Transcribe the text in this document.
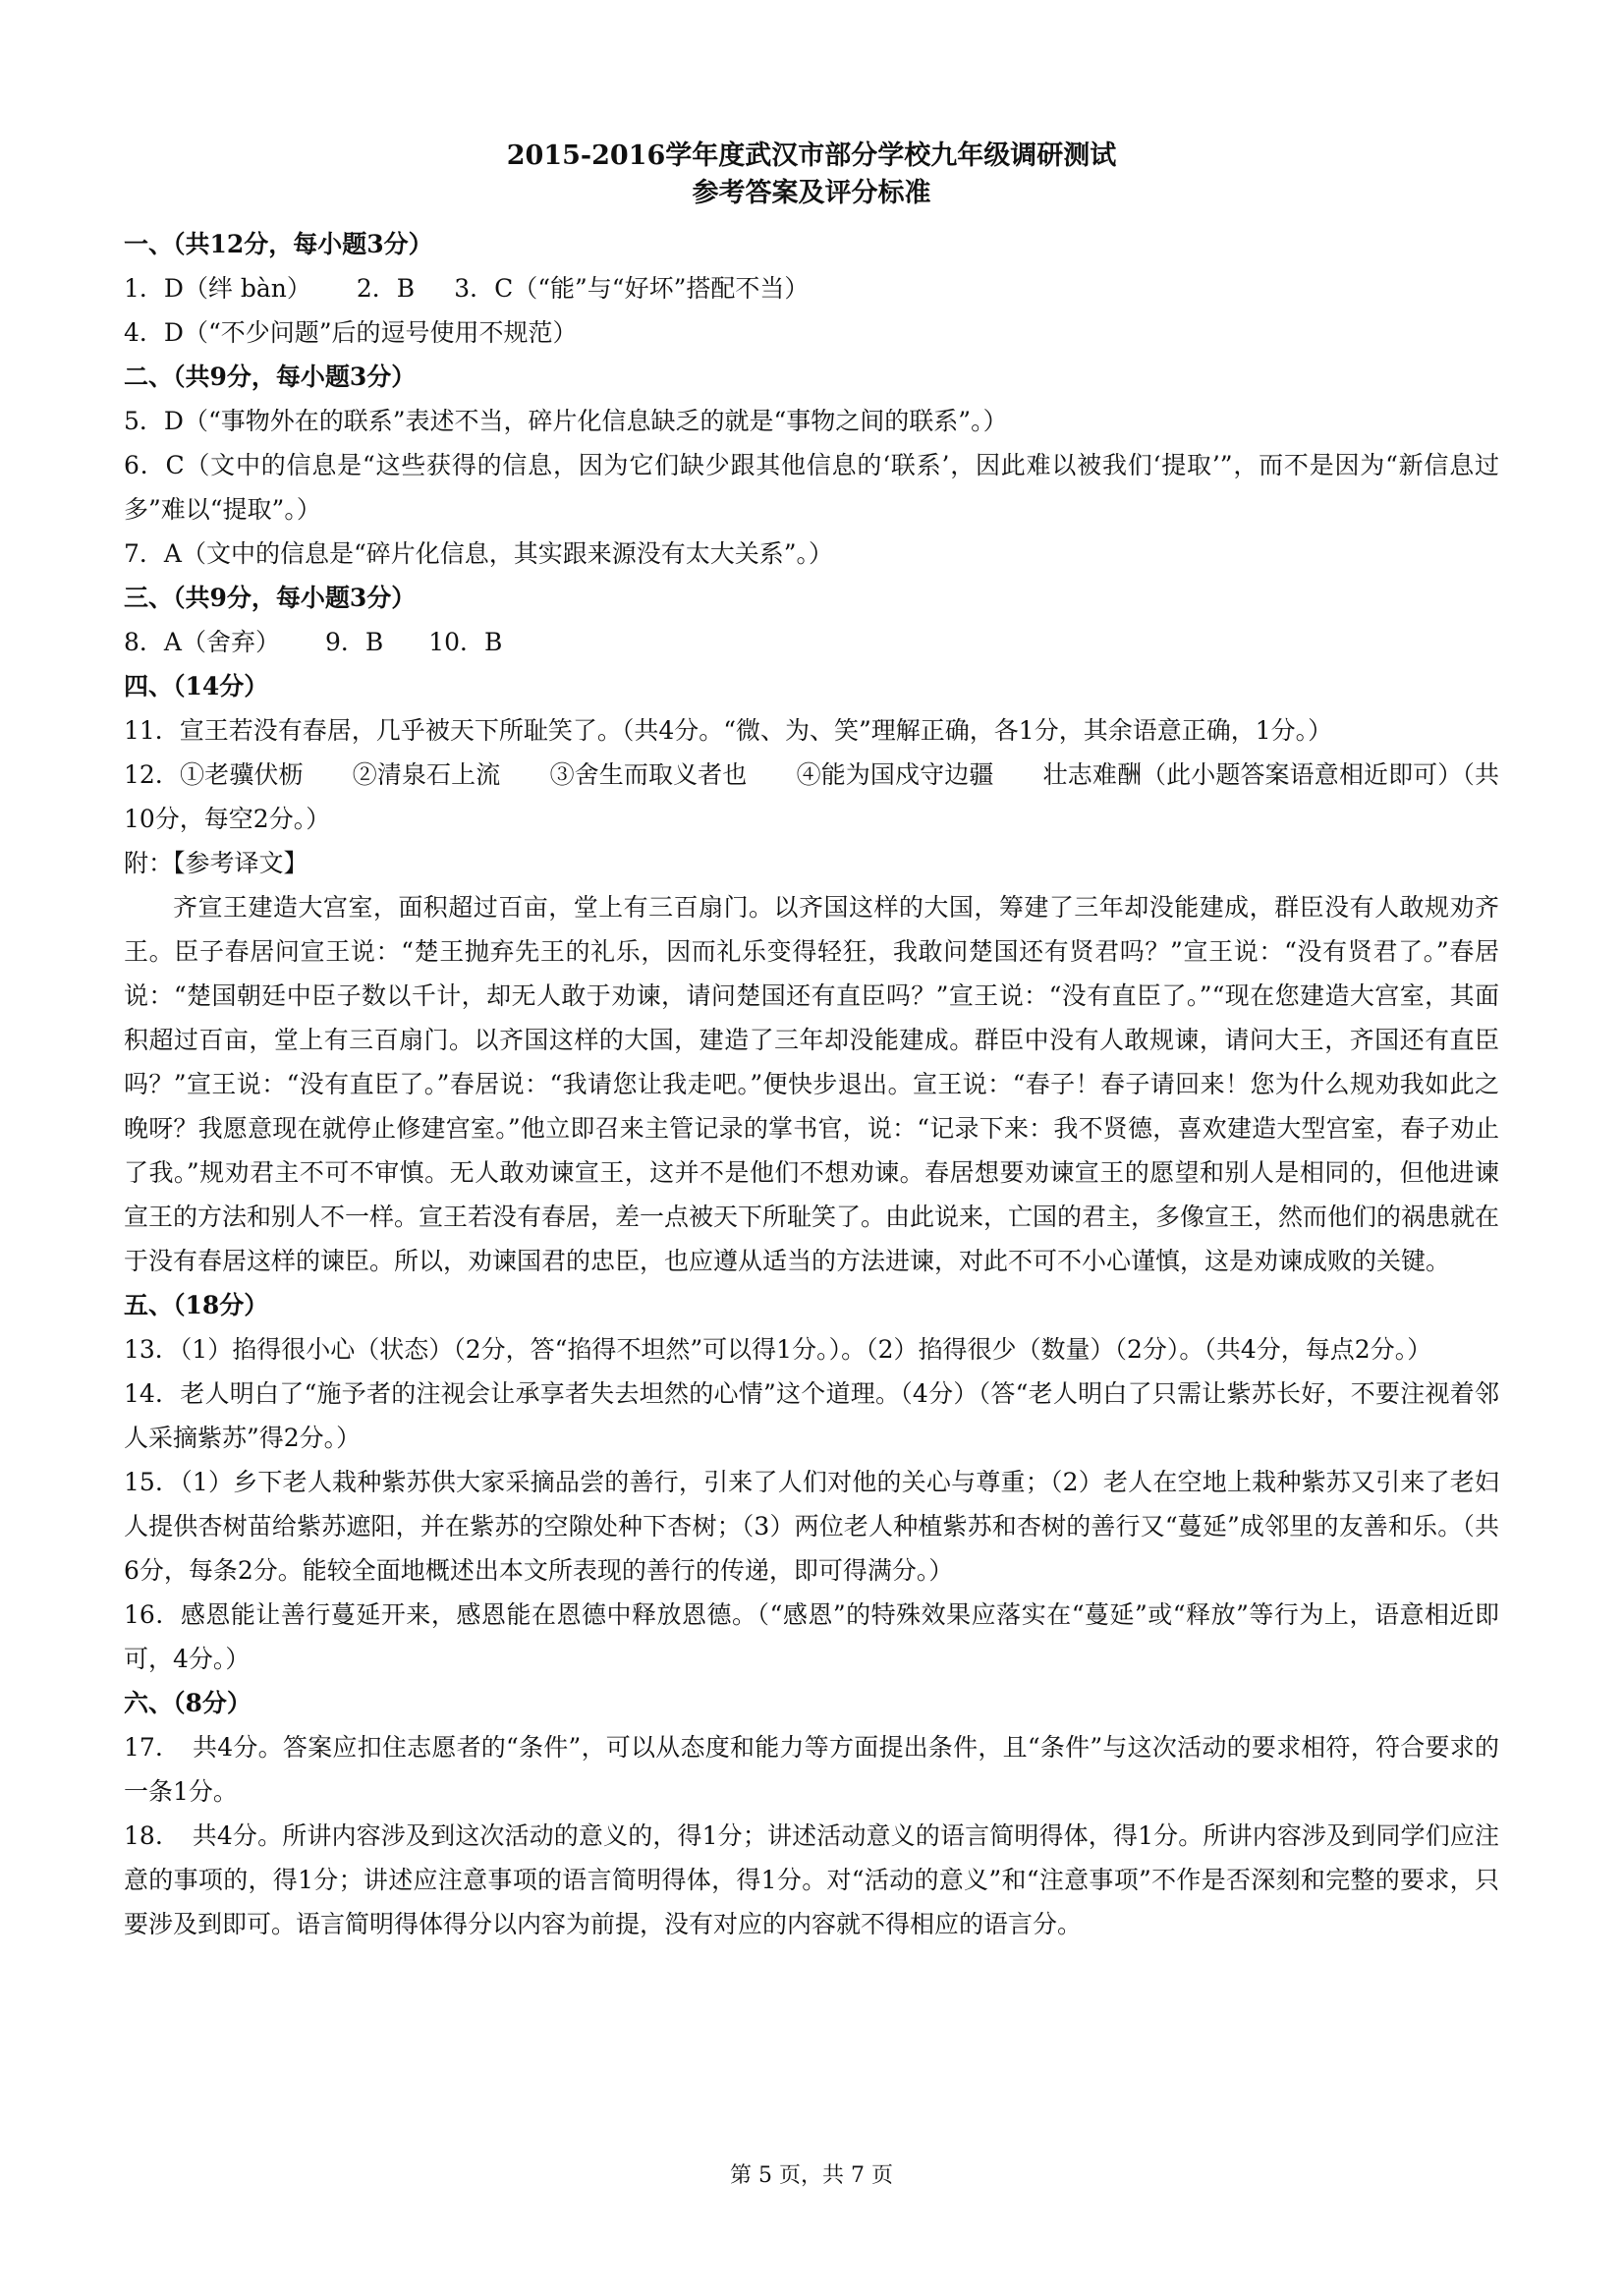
2015-2016学年度武汉市部分学校九年级调研测试

参考答案及评分标准

一、（共12分，每小题3分）

1．D（绊 bàn） 2．B 3．C（“能”与“好坏”搭配不当）

4．D（“不少问题”后的逗号使用不规范）

二、（共9分，每小题3分）

5．D（“事物外在的联系”表述不当，碎片化信息缺乏的就是“事物之间的联系”。）

6．C（文中的信息是“这些获得的信息，因为它们缺少跟其他信息的‘联系’，因此难以被我们‘提取’”，而不是因为“新信息过多”难以“提取”。）

7．A（文中的信息是“碎片化信息，其实跟来源没有太大关系”。）

三、（共9分，每小题3分）

8．A（舍弃） 9．B 10．B

四、（14分）

11．宣王若没有春居，几乎被天下所耻笑了。（共4分。“微、为、笑”理解正确，各1分，其余语意正确，1分。）

12．①老骥伏枥　　②清泉石上流　　③舍生而取义者也　　④能为国戍守边疆　　壮志难酬（此小题答案语意相近即可）（共10分，每空2分。）

附：【参考译文】

齐宣王建造大宫室，面积超过百亩，堂上有三百扇门。以齐国这样的大国，筹建了三年却没能建成，群臣没有人敢规劝齐王。臣子春居问宣王说：“楚王抛弃先王的礼乐，因而礼乐变得轻狂，我敢问楚国还有贤君吗？”宣王说：“没有贤君了。”春居说：“楚国朝廷中臣子数以千计，却无人敢于劝谏，请问楚国还有直臣吗？”宣王说：“没有直臣了。”“现在您建造大宫室，其面积超过百亩，堂上有三百扇门。以齐国这样的大国，建造了三年却没能建成。群臣中没有人敢规谏，请问大王，齐国还有直臣吗？”宣王说：“没有直臣了。”春居说：“我请您让我走吧。”便快步退出。宣王说：“春子！春子请回来！您为什么规劝我如此之晚呀？我愿意现在就停止修建宫室。”他立即召来主管记录的掌书官，说：“记录下来：我不贤德，喜欢建造大型宫室，春子劝止了我。”规劝君主不可不审慎。无人敢劝谏宣王，这并不是他们不想劝谏。春居想要劝谏宣王的愿望和别人是相同的，但他进谏宣王的方法和别人不一样。宣王若没有春居，差一点被天下所耻笑了。由此说来，亡国的君主，多像宣王，然而他们的祸患就在于没有春居这样的谏臣。所以，劝谏国君的忠臣，也应遵从适当的方法进谏，对此不可不小心谨慎，这是劝谏成败的关键。

五、（18分）

13．（1）掐得很小心（状态）（2分，答“掐得不坦然”可以得1分。）。（2）掐得很少（数量）（2分）。（共4分，每点2分。）

14．老人明白了“施予者的注视会让承享者失去坦然的心情”这个道理。（4分）（答“老人明白了只需让紫苏长好，不要注视着邻人采摘紫苏”得2分。）

15．（1）乡下老人栽种紫苏供大家采摘品尝的善行，引来了人们对他的关心与尊重；（2）老人在空地上栽种紫苏又引来了老妇人提供杏树苗给紫苏遮阳，并在紫苏的空隙处种下杏树；（3）两位老人种植紫苏和杏树的善行又“蔓延”成邻里的友善和乐。（共6分，每条2分。能较全面地概述出本文所表现的善行的传递，即可得满分。）

16．感恩能让善行蔓延开来，感恩能在恩德中释放恩德。（“感恩”的特殊效果应落实在“蔓延”或“释放”等行为上，语意相近即可，4分。）

六、（8分）

17．　共4分。答案应扣住志愿者的“条件”，可以从态度和能力等方面提出条件，且“条件”与这次活动的要求相符，符合要求的一条1分。

18．　共4分。所讲内容涉及到这次活动的意义的，得1分；讲述活动意义的语言简明得体，得1分。所讲内容涉及到同学们应注意的事项的，得1分；讲述应注意事项的语言简明得体，得1分。对“活动的意义”和“注意事项”不作是否深刻和完整的要求，只要涉及到即可。语言简明得体得分以内容为前提，没有对应的内容就不得相应的语言分。

第 5 页，共 7 页
